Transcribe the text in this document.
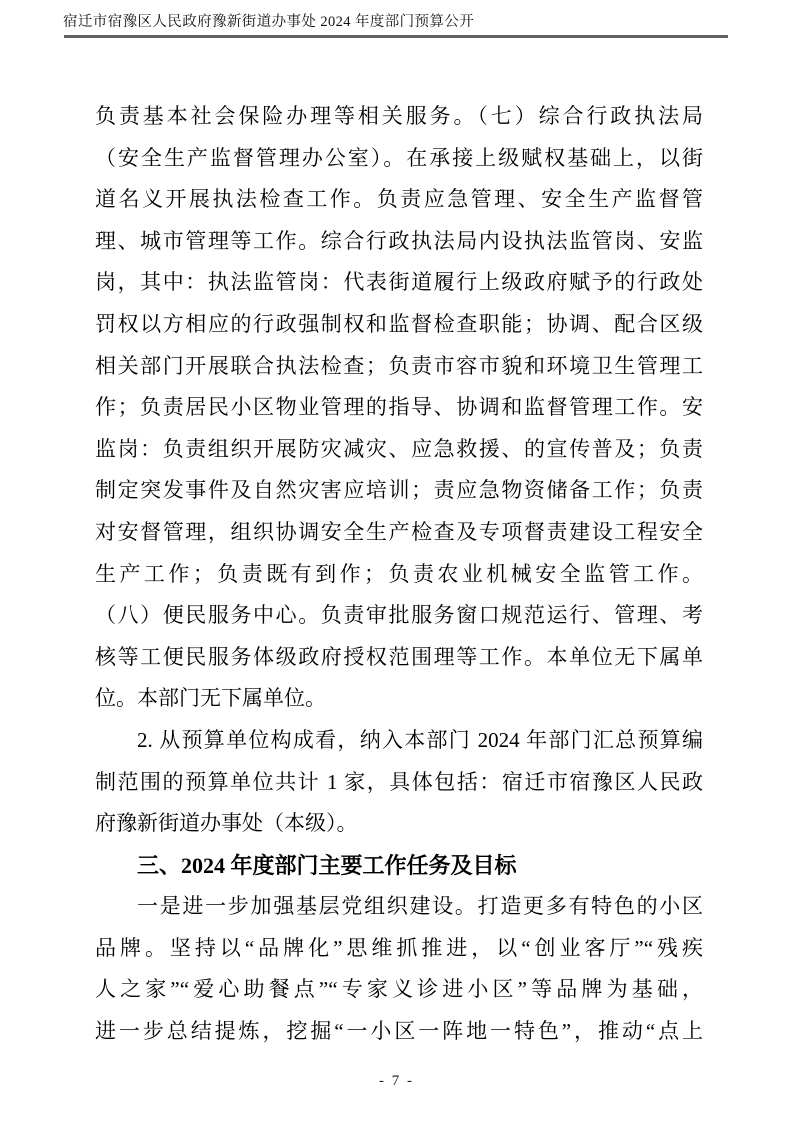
宿迁市宿豫区人民政府豫新街道办事处 2024 年度部门预算公开
负责基本社会保险办理等相关服务。（七）综合行政执法局
（安全生产监督管理办公室）。在承接上级赋权基础上，以街
道名义开展执法检查工作。负责应急管理、安全生产监督管
理、城市管理等工作。综合行政执法局内设执法监管岗、安监
岗，其中：执法监管岗：代表街道履行上级政府赋予的行政处
罚权以方相应的行政强制权和监督检查职能；协调、配合区级
相关部门开展联合执法检查；负责市容市貌和环境卫生管理工
作；负责居民小区物业管理的指导、协调和监督管理工作。安
监岗：负责组织开展防灾减灾、应急救援、的宣传普及；负责
制定突发事件及自然灾害应培训；责应急物资储备工作；负责
对安督管理，组织协调安全生产检查及专项督责建设工程安全
生产工作；负责既有到作；负责农业机械安全监管工作。
（八）便民服务中心。负责审批服务窗口规范运行、管理、考
核等工便民服务体级政府授权范围理等工作。本单位无下属单
位。本部门无下属单位。
2. 从预算单位构成看，纳入本部门 2024 年部门汇总预算编
制范围的预算单位共计 1 家，具体包括：宿迁市宿豫区人民政
府豫新街道办事处（本级）。
三、2024 年度部门主要工作任务及目标
一是进一步加强基层党组织建设。打造更多有特色的小区
品牌。坚持以“品牌化”思维抓推进，以“创业客厅”“残疾
人之家”“爱心助餐点”“专家义诊进小区”等品牌为基础，
进一步总结提炼，挖掘“一小区一阵地一特色”，推动“点上
- 7 -
